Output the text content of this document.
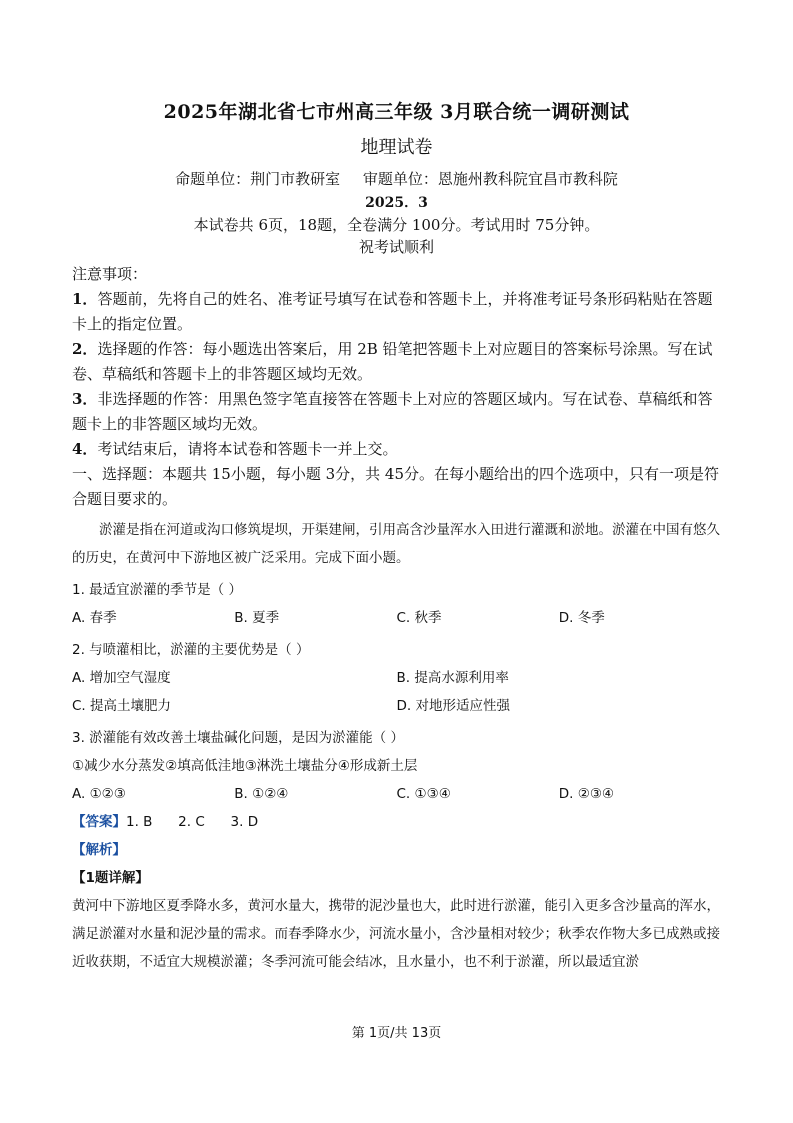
2025年湖北省七市州高三年级 3月联合统一调研测试
地理试卷
命题单位：荆门市教研室 审题单位：恩施州教科院宜昌市教科院
2025．3
本试卷共 6页，18题，全卷满分 100分。考试用时 75分钟。
祝考试顺利

注意事项：

1．答题前，先将自己的姓名、准考证号填写在试卷和答题卡上，并将准考证号条形码粘贴在答题卡上的指定位置。

2．选择题的作答：每小题选出答案后，用 2B 铅笔把答题卡上对应题目的答案标号涂黑。写在试卷、草稿纸和答题卡上的非答题区域均无效。

3．非选择题的作答：用黑色签字笔直接答在答题卡上对应的答题区域内。写在试卷、草稿纸和答题卡上的非答题区域均无效。

4．考试结束后，请将本试卷和答题卡一并上交。

一、选择题：本题共 15小题，每小题 3分，共 45分。在每小题给出的四个选项中，只有一项是符合题目要求的。

淤灌是指在河道或沟口修筑堤坝，开渠建闸，引用高含沙量浑水入田进行灌溉和淤地。淤灌在中国有悠久的历史，在黄河中下游地区被广泛采用。完成下面小题。

1. 最适宜淤灌的季节是（ ）

A. 春季	B. 夏季	C. 秋季	D. 冬季

2. 与喷灌相比，淤灌的主要优势是（ ）

A. 增加空气湿度	B. 提高水源利用率
C. 提高土壤肥力	D. 对地形适应性强

3. 淤灌能有效改善土壤盐碱化问题，是因为淤灌能（ ）

①减少水分蒸发②填高低洼地③淋洗土壤盐分④形成新土层

A. ①②③	B. ①②④	C. ①③④	D. ②③④

【答案】1. B      2. C      3. D

【解析】

【1题详解】

黄河中下游地区夏季降水多，黄河水量大，携带的泥沙量也大，此时进行淤灌，能引入更多含沙量高的浑水，满足淤灌对水量和泥沙量的需求。而春季降水少，河流水量小，含沙量相对较少；秋季农作物大多已成熟或接近收获期，不适宜大规模淤灌；冬季河流可能会结冰，且水量小，也不利于淤灌，所以最适宜淤

第 1页/共 13页
